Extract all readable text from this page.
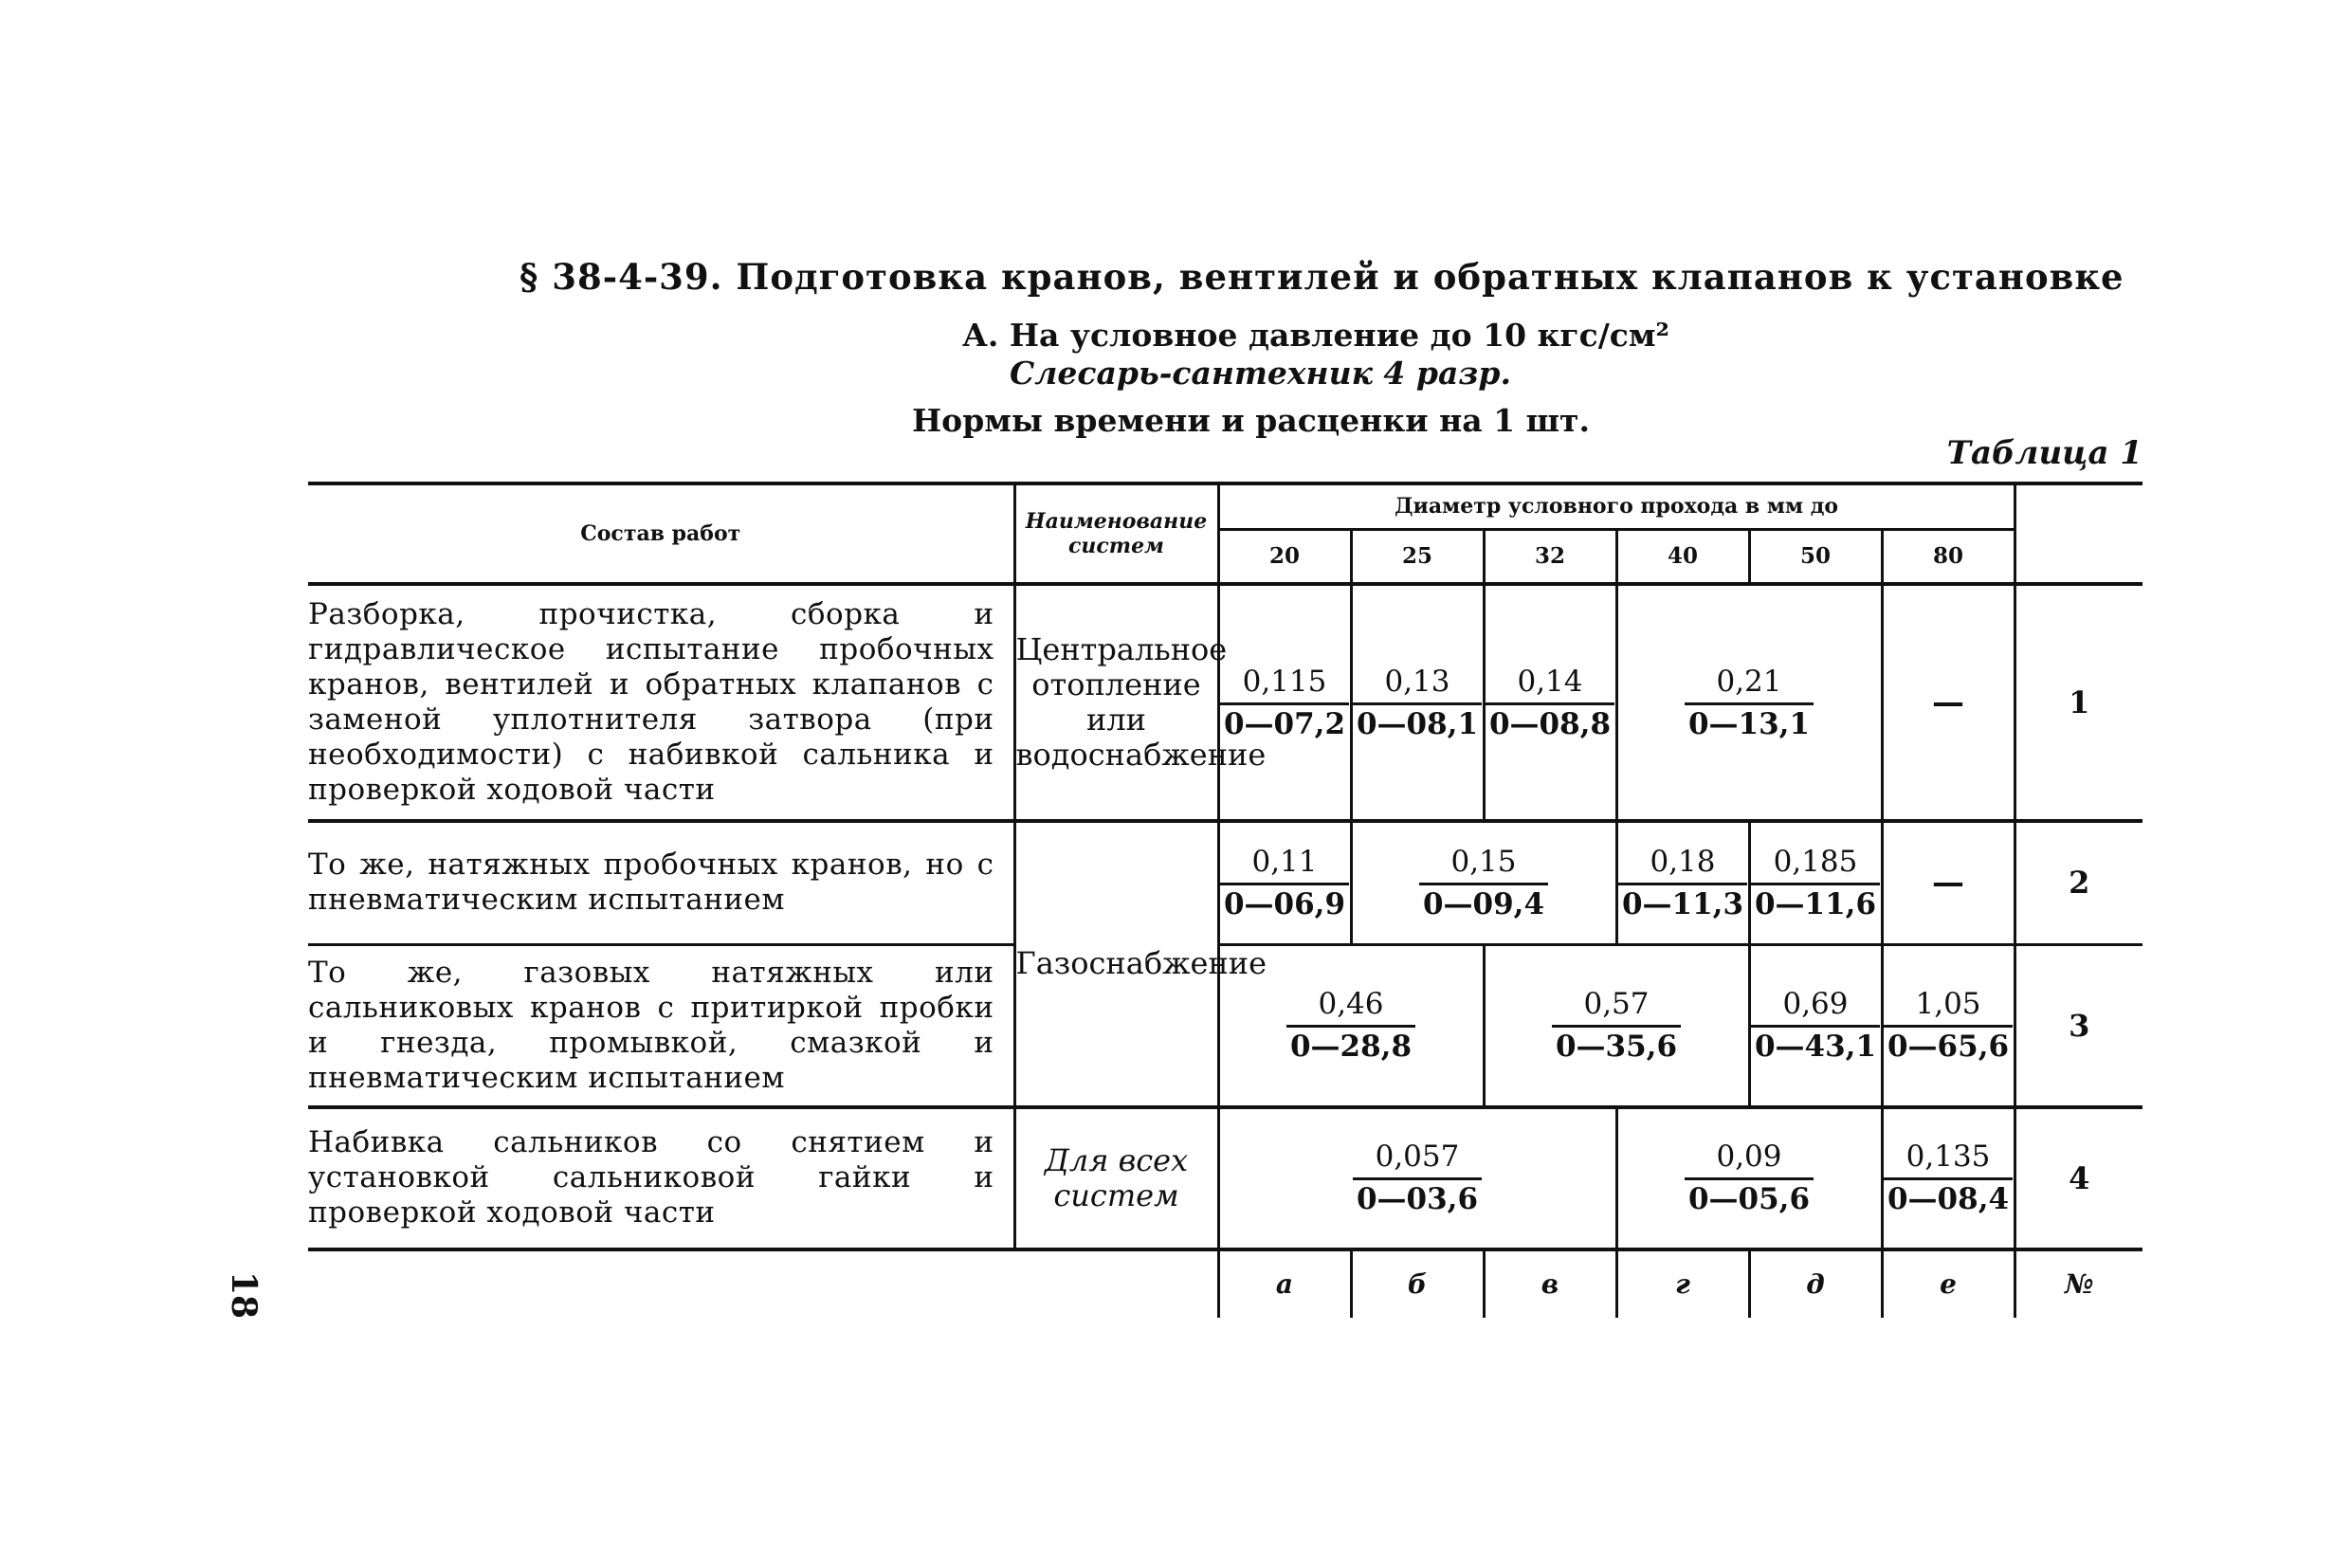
§ 38-4-39. Подготовка кранов, вентилей и обратных клапанов к установке
А. На условное давление до 10 кгс/см²
Слесарь-сантехник 4 разр.
Нормы времени и расценки на 1 шт.
Таблица 1
18
Состав работ	Наименование систем	Диаметр условного прохода в мм до						
		20	25	32	40	50	80	
Разборка, прочистка, сборка и гидравлическое испытание пробочных кранов, вентилей и обратных клапанов с заменой уплотнителя затвора (при необходимости) с набивкой сальника и проверкой ходовой части	Центральное отопление или водоснабжение	$\frac{0,115}{0—07,2}$	$\frac{0,13}{0—08,1}$	$\frac{0,14}{0—08,8}$	$\frac{0,21}{0—13,1}$		—	1
То же, натяжных пробочных кранов, но с пневматическим испытанием	Газоснабжение	$\frac{0,11}{0—06,9}$	$\frac{0,15}{0—09,4}$		$\frac{0,18}{0—11,3}$	$\frac{0,185}{0—11,6}$	—	2
То же, газовых натяжных или сальниковых кранов с притиркой пробки и гнезда, промывкой, смазкой и пневматическим испытанием		$\frac{0,46}{0—28,8}$		$\frac{0,57}{0—35,6}$		$\frac{0,69}{0—43,1}$	$\frac{1,05}{0—65,6}$	3
Набивка сальников со снятием и установкой сальниковой гайки и проверкой ходовой части	Для всех систем	$\frac{0,057}{0—03,6}$			$\frac{0,09}{0—05,6}$		$\frac{0,135}{0—08,4}$	4
		а	б	в	г	д	е	№
